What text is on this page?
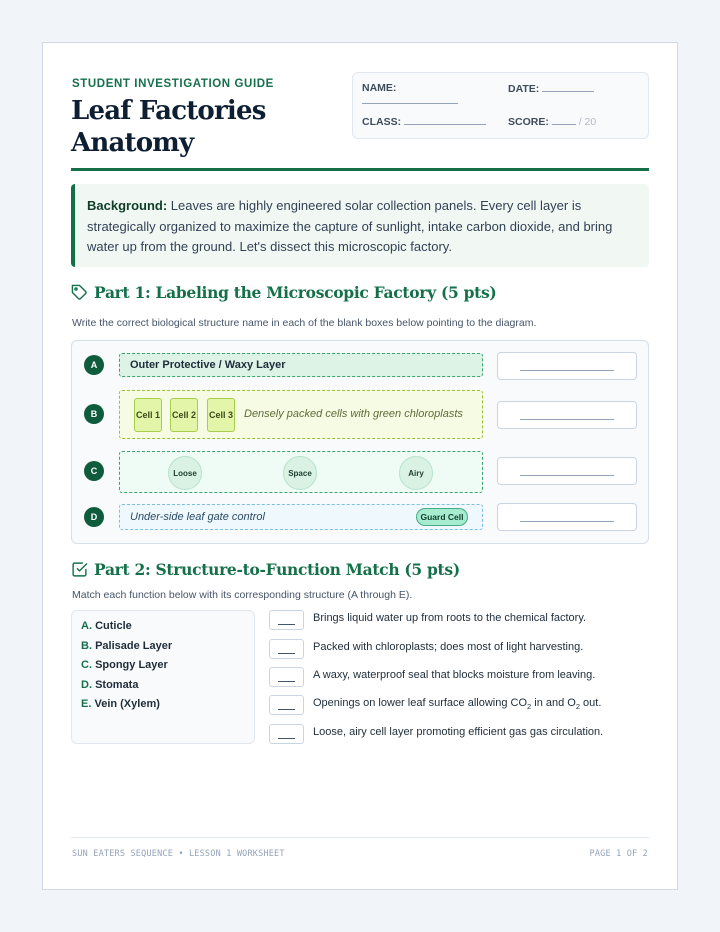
STUDENT INVESTIGATION GUIDE
Leaf Factories
Anatomy
NAME:	DATE:
CLASS:	SCORE:	/ 20
Background: Leaves are highly engineered solar collection panels. Every cell layer is strategically organized to maximize the capture of sunlight, intake carbon dioxide, and bring water up from the ground. Let's dissect this microscopic factory.
Part 1: Labeling the Microscopic Factory (5 pts)
Write the correct biological structure name in each of the blank boxes below pointing to the diagram.
A
B
C
D
Outer Protective / Waxy Layer
Cell 1 Cell 2 Cell 3 Densely packed cells with green chloroplasts
Loose	Space	Airy
Under-side leaf gate control	Guard Cell
Part 2: Structure-to-Function Match (5 pts)
Match each function below with its corresponding structure (A through E).
A. Cuticle
B. Palisade Layer
C. Spongy Layer
D. Stomata
E. Vein (Xylem)
Brings liquid water up from roots to the chemical factory.
Packed with chloroplasts; does most of light harvesting.
A waxy, waterproof seal that blocks moisture from leaving.
Openings on lower leaf surface allowing $CO_2$ in and $O_2$ out.
Loose, airy cell layer promoting efficient gas gas circulation.
SUN EATERS SEQUENCE • LESSON 1 WORKSHEET	PAGE 1 OF 2
